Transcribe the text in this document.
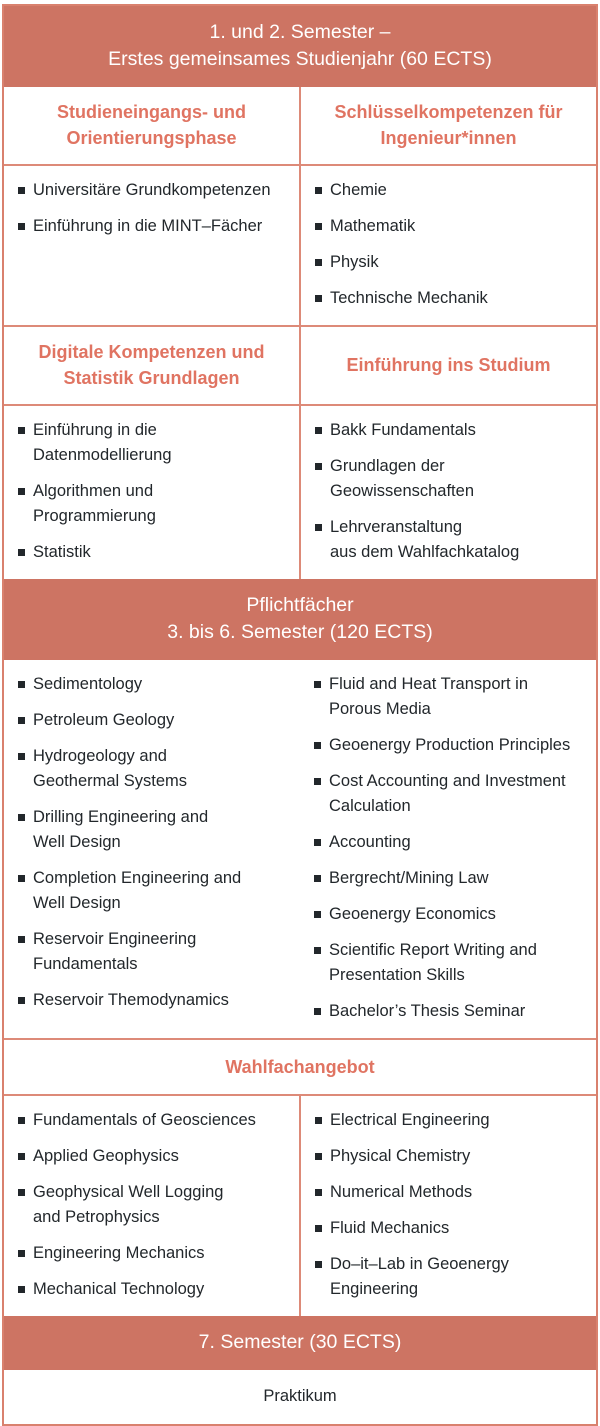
1. und 2. Semester –
Erstes gemeinsames Studienjahr (60 ECTS)
Studieneingangs- und
Orientierungsphase
Schlüsselkompetenzen für
Ingenieur*innen
Universitäre Grundkompetenzen
Einführung in die MINT–Fächer
Chemie
Mathematik
Physik
Technische Mechanik
Digitale Kompetenzen und
Statistik Grundlagen
Einführung ins Studium
Einführung in die
Datenmodellierung
Algorithmen und
Programmierung
Statistik
Bakk Fundamentals
Grundlagen der
Geowissenschaften
Lehrveranstaltung
aus dem Wahlfachkatalog
Pflichtfächer
3. bis 6. Semester (120 ECTS)
Sedimentology
Petroleum Geology
Hydrogeology and
Geothermal Systems
Drilling Engineering and
Well Design
Completion Engineering and
Well Design
Reservoir Engineering
Fundamentals
Reservoir Themodynamics
Fluid and Heat Transport in
Porous Media
Geoenergy Production Principles
Cost Accounting and Investment
Calculation
Accounting
Bergrecht/Mining Law
Geoenergy Economics
Scientific Report Writing and
Presentation Skills
Bachelor’s Thesis Seminar
Wahlfachangebot
Fundamentals of Geosciences
Applied Geophysics
Geophysical Well Logging
and Petrophysics
Engineering Mechanics
Mechanical Technology
Electrical Engineering
Physical Chemistry
Numerical Methods
Fluid Mechanics
Do–it–Lab in Geoenergy
Engineering
7. Semester (30 ECTS)
Praktikum
